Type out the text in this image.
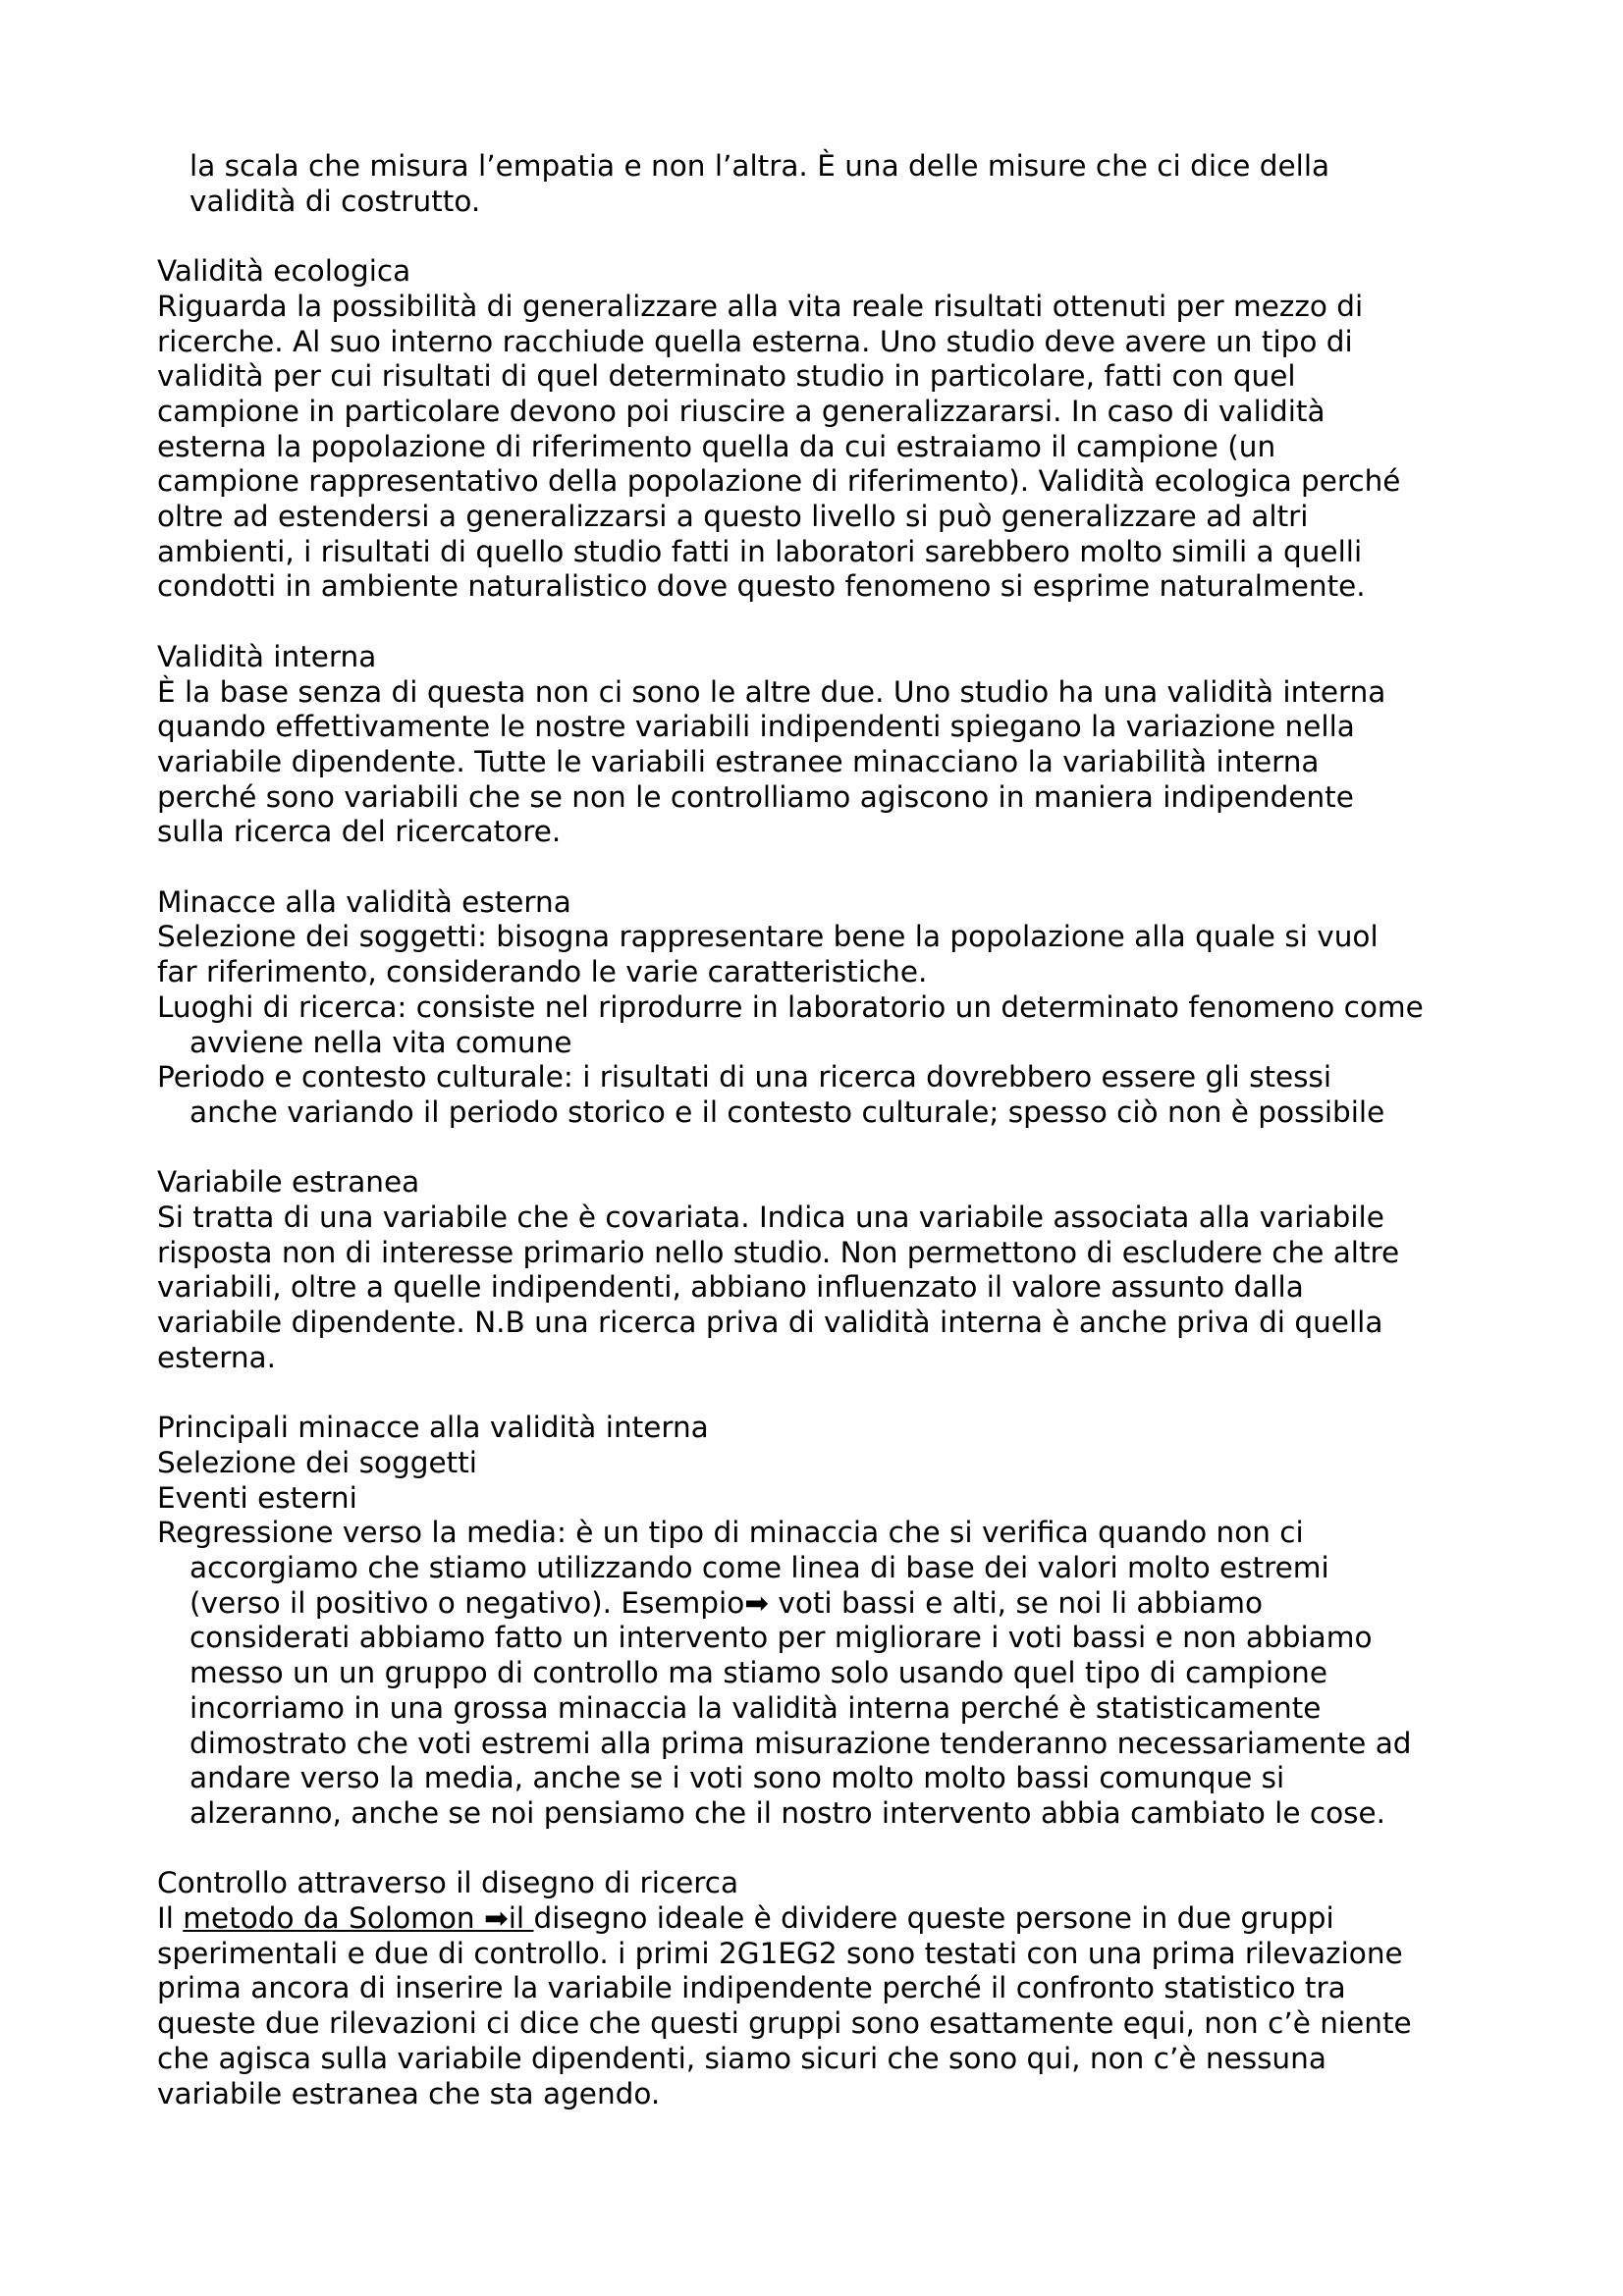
la scala che misura l’empatia e non l’altra. È una delle misure che ci dice della
validità di costrutto.
Validità ecologica
Riguarda la possibilità di generalizzare alla vita reale risultati ottenuti per mezzo di
ricerche. Al suo interno racchiude quella esterna. Uno studio deve avere un tipo di
validità per cui risultati di quel determinato studio in particolare, fatti con quel
campione in particolare devono poi riuscire a generalizzararsi. In caso di validità
esterna la popolazione di riferimento quella da cui estraiamo il campione (un
campione rappresentativo della popolazione di riferimento). Validità ecologica perché
oltre ad estendersi a generalizzarsi a questo livello si può generalizzare ad altri
ambienti, i risultati di quello studio fatti in laboratori sarebbero molto simili a quelli
condotti in ambiente naturalistico dove questo fenomeno si esprime naturalmente.
Validità interna
È la base senza di questa non ci sono le altre due. Uno studio ha una validità interna
quando effettivamente le nostre variabili indipendenti spiegano la variazione nella
variabile dipendente. Tutte le variabili estranee minacciano la variabilità interna
perché sono variabili che se non le controlliamo agiscono in maniera indipendente
sulla ricerca del ricercatore.
Minacce alla validità esterna
Selezione dei soggetti: bisogna rappresentare bene la popolazione alla quale si vuol
far riferimento, considerando le varie caratteristiche.
Luoghi di ricerca: consiste nel riprodurre in laboratorio un determinato fenomeno come
avviene nella vita comune
Periodo e contesto culturale: i risultati di una ricerca dovrebbero essere gli stessi
anche variando il periodo storico e il contesto culturale; spesso ciò non è possibile
Variabile estranea
Si tratta di una variabile che è covariata. Indica una variabile associata alla variabile
risposta non di interesse primario nello studio. Non permettono di escludere che altre
variabili, oltre a quelle indipendenti, abbiano influenzato il valore assunto dalla
variabile dipendente. N.B una ricerca priva di validità interna è anche priva di quella
esterna.
Principali minacce alla validità interna
Selezione dei soggetti
Eventi esterni
Regressione verso la media: è un tipo di minaccia che si verifica quando non ci
accorgiamo che stiamo utilizzando come linea di base dei valori molto estremi
(verso il positivo o negativo). Esempio➡ voti bassi e alti, se noi li abbiamo
considerati abbiamo fatto un intervento per migliorare i voti bassi e non abbiamo
messo un un gruppo di controllo ma stiamo solo usando quel tipo di campione
incorriamo in una grossa minaccia la validità interna perché è statisticamente
dimostrato che voti estremi alla prima misurazione tenderanno necessariamente ad
andare verso la media, anche se i voti sono molto molto bassi comunque si
alzeranno, anche se noi pensiamo che il nostro intervento abbia cambiato le cose.
Controllo attraverso il disegno di ricerca
Il metodo da Solomon ➡il disegno ideale è dividere queste persone in due gruppi
sperimentali e due di controllo. i primi 2G1EG2 sono testati con una prima rilevazione
prima ancora di inserire la variabile indipendente perché il confronto statistico tra
queste due rilevazioni ci dice che questi gruppi sono esattamente equi, non c’è niente
che agisca sulla variabile dipendenti, siamo sicuri che sono qui, non c’è nessuna
variabile estranea che sta agendo.
